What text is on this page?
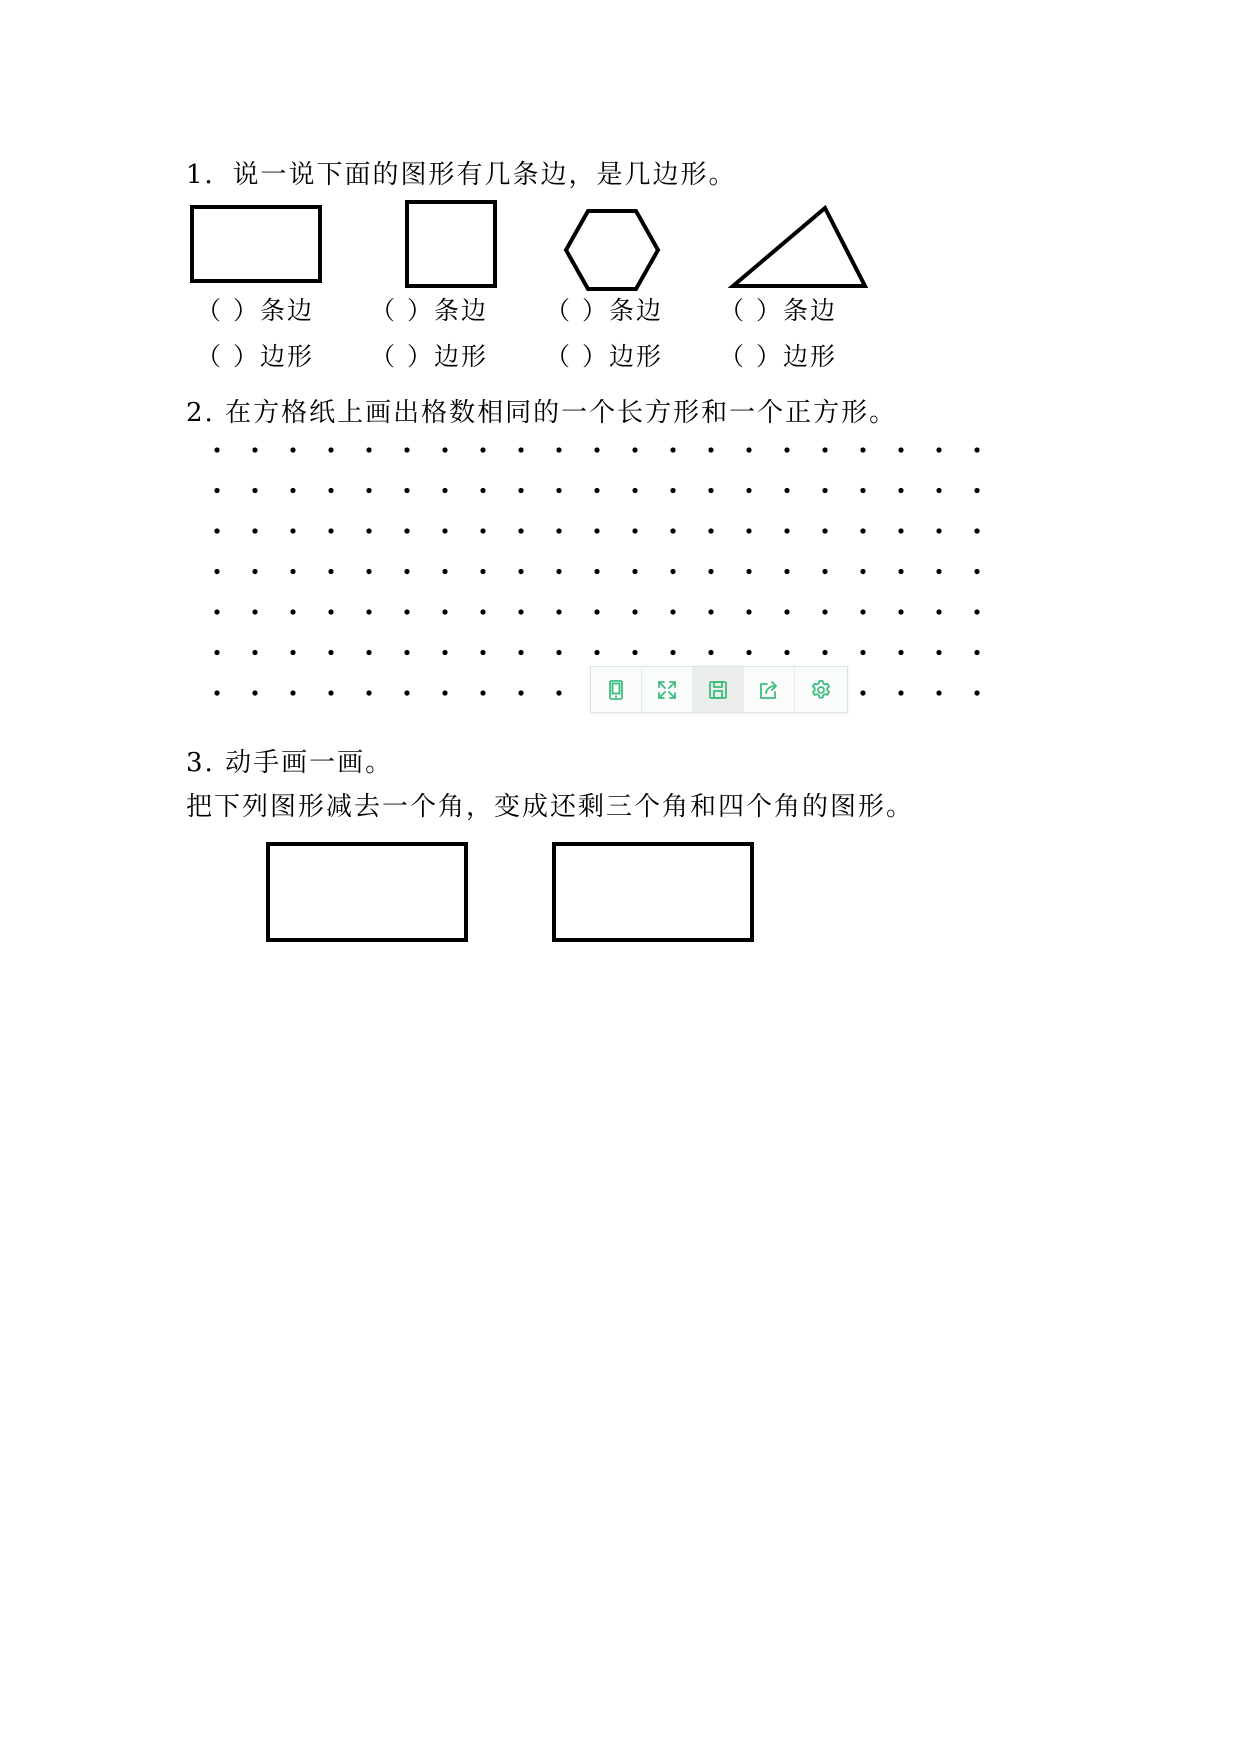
1．说一说下面的图形有几条边，是几边形。
（ ）条边 （ ）条边 （ ）条边 （ ）条边
（ ）边形 （ ）边形 （ ）边形 （ ）边形
2. 在方格纸上画出格数相同的一个长方形和一个正方形。
3. 动手画一画。
把下列图形减去一个角，变成还剩三个角和四个角的图形。
